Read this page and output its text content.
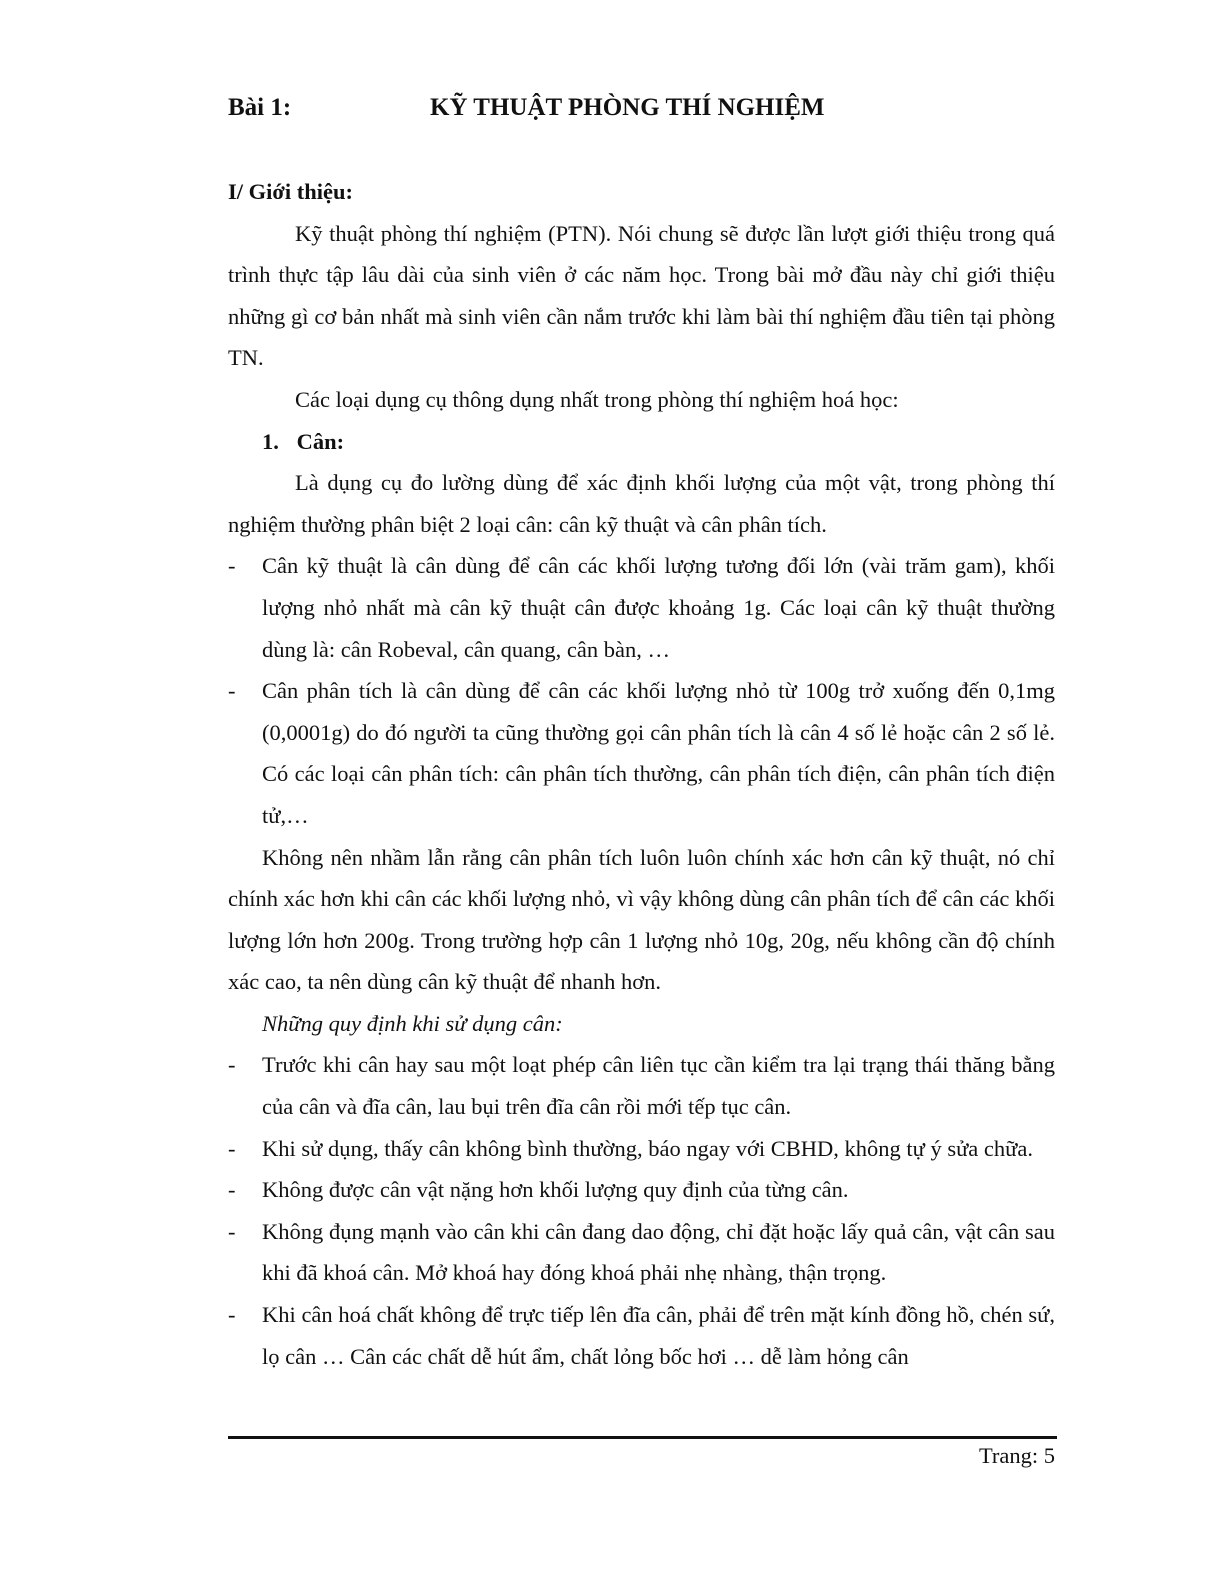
Bài 1:	KỸ THUẬT PHÒNG THÍ NGHIỆM

I/ Giới thiệu:

Kỹ thuật phòng thí nghiệm (PTN). Nói chung sẽ được lần lượt giới thiệu trong quá trình thực tập lâu dài của sinh viên ở các năm học. Trong bài mở đầu này chỉ giới thiệu những gì cơ bản nhất mà sinh viên cần nắm trước khi làm bài thí nghiệm đầu tiên tại phòng TN.

Các loại dụng cụ thông dụng nhất trong phòng thí nghiệm hoá học:

1. Cân:

Là dụng cụ đo lường dùng để xác định khối lượng của một vật, trong phòng thí nghiệm thường phân biệt 2 loại cân: cân kỹ thuật và cân phân tích.

- Cân kỹ thuật là cân dùng để cân các khối lượng tương đối lớn (vài trăm gam), khối lượng nhỏ nhất mà cân kỹ thuật cân được khoảng 1g. Các loại cân kỹ thuật thường dùng là: cân Robeval, cân quang, cân bàn, …
- Cân phân tích là cân dùng để cân các khối lượng nhỏ từ 100g trở xuống đến 0,1mg (0,0001g) do đó người ta cũng thường gọi cân phân tích là cân 4 số lẻ hoặc cân 2 số lẻ. Có các loại cân phân tích: cân phân tích thường, cân phân tích điện, cân phân tích điện tử,…

Không nên nhầm lẫn rằng cân phân tích luôn luôn chính xác hơn cân kỹ thuật, nó chỉ chính xác hơn khi cân các khối lượng nhỏ, vì vậy không dùng cân phân tích để cân các khối lượng lớn hơn 200g. Trong trường hợp cân 1 lượng nhỏ 10g, 20g, nếu không cần độ chính xác cao, ta nên dùng cân kỹ thuật để nhanh hơn.

Những quy định khi sử dụng cân:

- Trước khi cân hay sau một loạt phép cân liên tục cần kiểm tra lại trạng thái thăng bằng của cân và đĩa cân, lau bụi trên đĩa cân rồi mới tếp tục cân.
- Khi sử dụng, thấy cân không bình thường, báo ngay với CBHD, không tự ý sửa chữa.
- Không được cân vật nặng hơn khối lượng quy định của từng cân.
- Không đụng mạnh vào cân khi cân đang dao động, chỉ đặt hoặc lấy quả cân, vật cân sau khi đã khoá cân. Mở khoá hay đóng khoá phải nhẹ nhàng, thận trọng.
- Khi cân hoá chất không để trực tiếp lên đĩa cân, phải để trên mặt kính đồng hồ, chén sứ, lọ cân … Cân các chất dễ hút ẩm, chất lỏng bốc hơi … dễ làm hỏng cân
Trang: 5
